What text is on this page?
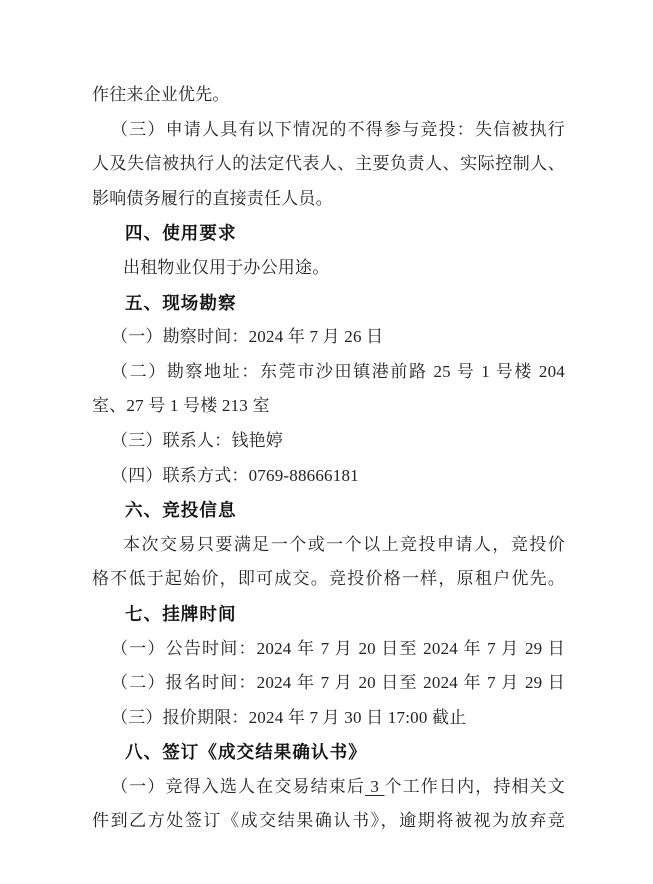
作往来企业优先。
（三）申请人具有以下情况的不得参与竞投：失信被执行
人及失信被执行人的法定代表人、主要负责人、实际控制人、
影响债务履行的直接责任人员。
四、使用要求
出租物业仅用于办公用途。
五、现场勘察
（一）勘察时间：2024 年 7 月 26 日
（二）勘察地址：东莞市沙田镇港前路 25 号 1 号楼 204
室、27 号 1 号楼 213 室
（三）联系人：钱艳婷
（四）联系方式：0769-88666181
六、竞投信息
本次交易只要满足一个或一个以上竞投申请人，竞投价
格不低于起始价，即可成交。竞投价格一样，原租户优先。
七、挂牌时间
（一）公告时间：2024 年 7 月 20 日至 2024 年 7 月 29 日
（二）报名时间：2024 年 7 月 20 日至 2024 年 7 月 29 日
（三）报价期限：2024 年 7 月 30 日 17:00 截止
八、签订《成交结果确认书》
（一）竞得入选人在交易结束后 3 个工作日内，持相关文
件到乙方处签订《成交结果确认书》，逾期将被视为放弃竞
